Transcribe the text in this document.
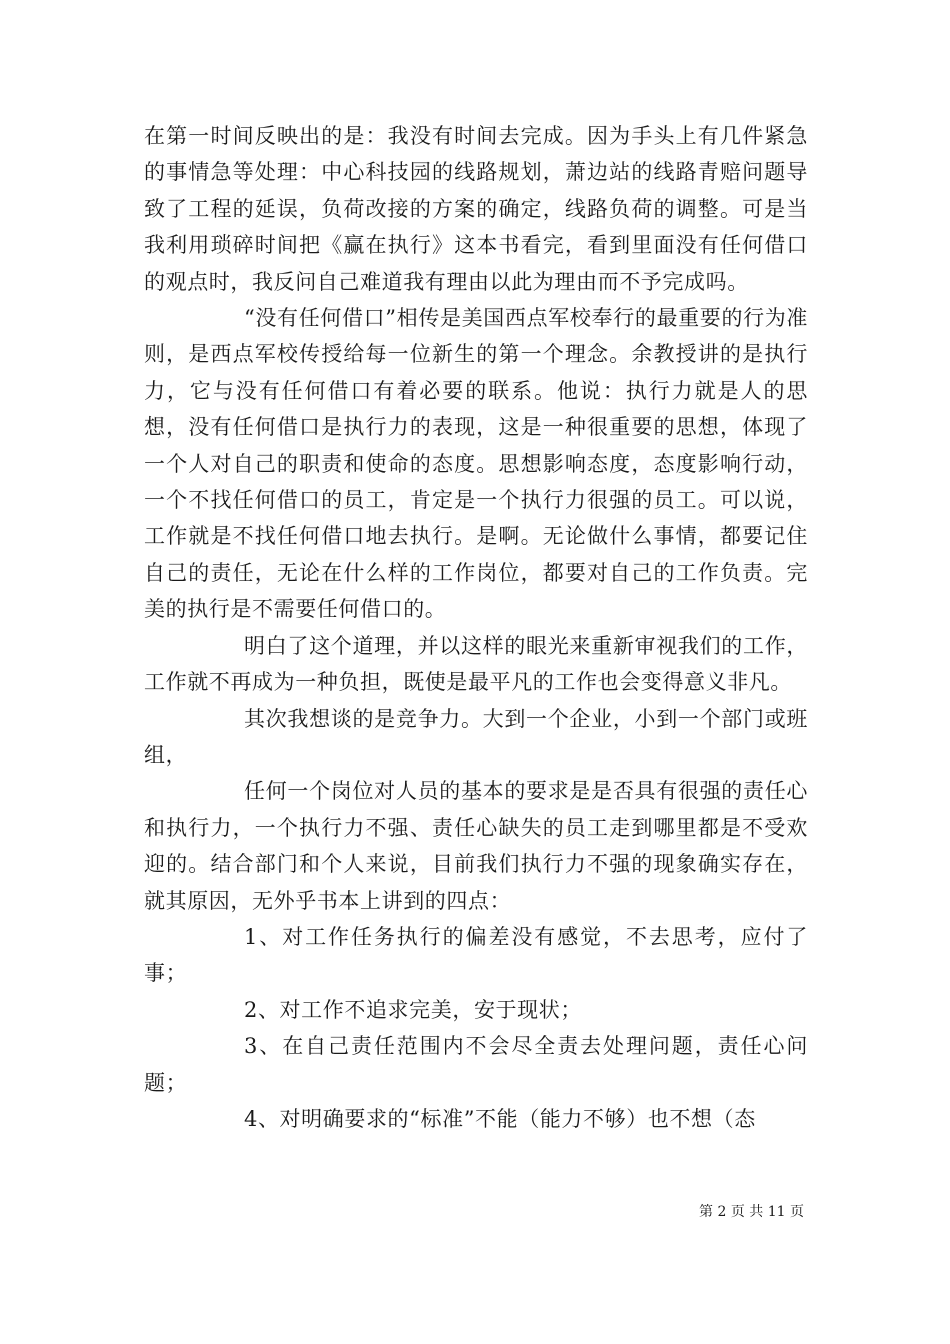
在第一时间反映出的是：我没有时间去完成。因为手头上有几件紧急的事情急等处理：中心科技园的线路规划，萧边站的线路青赔问题导致了工程的延误，负荷改接的方案的确定，线路负荷的调整。可是当我利用琐碎时间把《赢在执行》这本书看完，看到里面没有任何借口的观点时，我反问自己难道我有理由以此为理由而不予完成吗。

“没有任何借口”相传是美国西点军校奉行的最重要的行为准则，是西点军校传授给每一位新生的第一个理念。余教授讲的是执行力，它与没有任何借口有着必要的联系。他说：执行力就是人的思想，没有任何借口是执行力的表现，这是一种很重要的思想，体现了一个人对自己的职责和使命的态度。思想影响态度，态度影响行动，一个不找任何借口的员工，肯定是一个执行力很强的员工。可以说，工作就是不找任何借口地去执行。是啊。无论做什么事情，都要记住自己的责任，无论在什么样的工作岗位，都要对自己的工作负责。完美的执行是不需要任何借口的。

明白了这个道理，并以这样的眼光来重新审视我们的工作，工作就不再成为一种负担，既使是最平凡的工作也会变得意义非凡。

其次我想谈的是竞争力。大到一个企业，小到一个部门或班组，

任何一个岗位对人员的基本的要求是是否具有很强的责任心和执行力，一个执行力不强、责任心缺失的员工走到哪里都是不受欢迎的。结合部门和个人来说，目前我们执行力不强的现象确实存在，就其原因，无外乎书本上讲到的四点：

1、对工作任务执行的偏差没有感觉，不去思考，应付了事；

2、对工作不追求完美，安于现状；

3、在自己责任范围内不会尽全责去处理问题，责任心问题；

4、对明确要求的“标准”不能（能力不够）也不想（态

第 2 页 共 11 页
